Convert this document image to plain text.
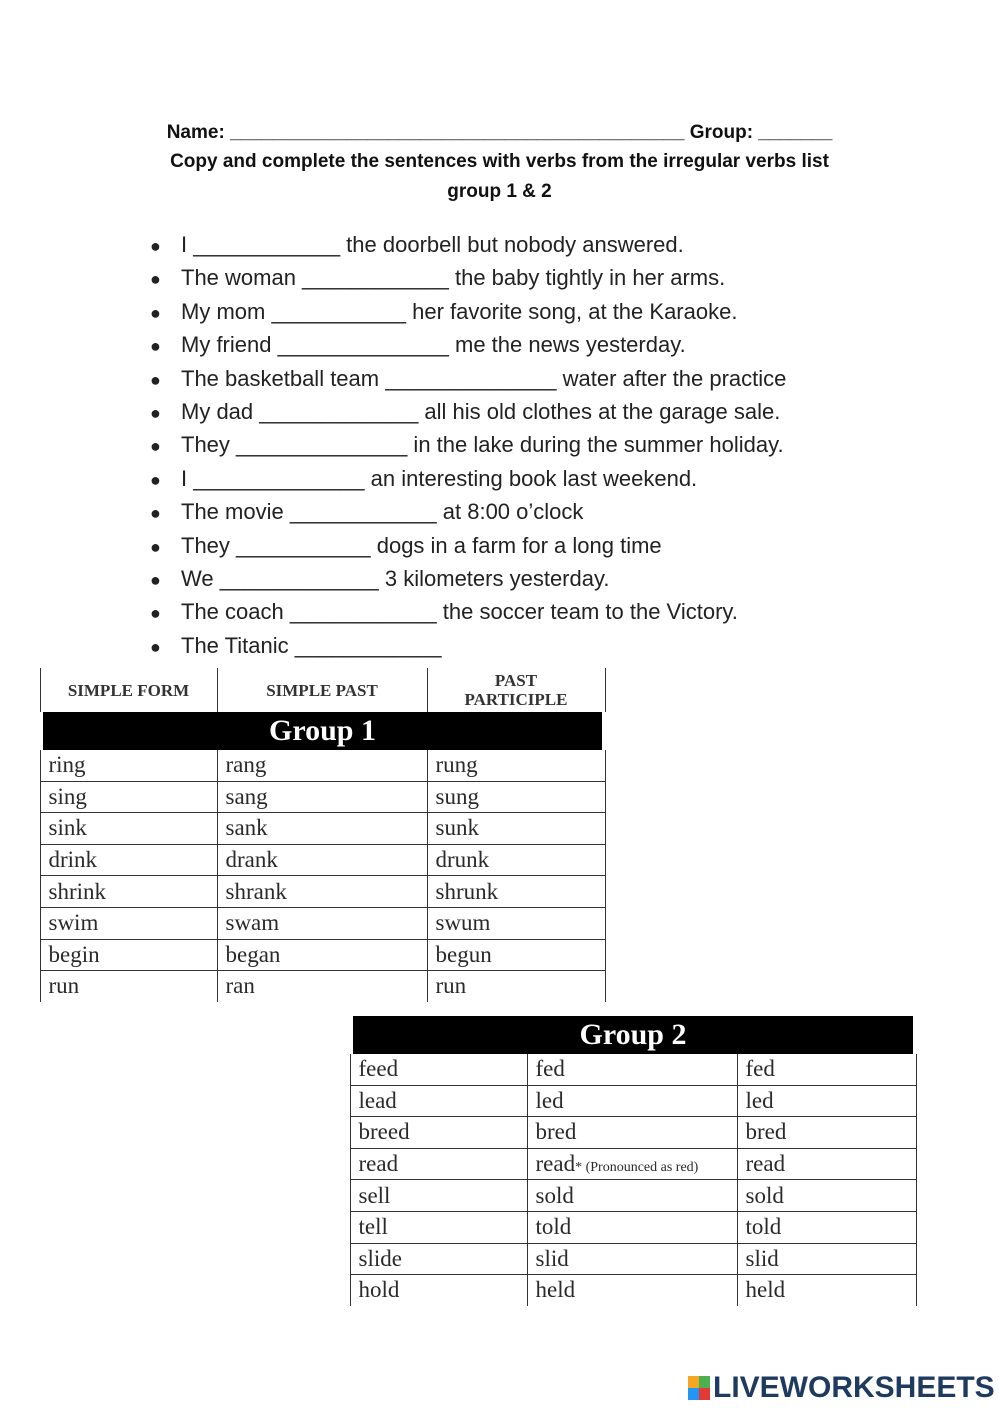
Name: ___________________________________________ Group: _______
Copy and complete the sentences with verbs from the irregular verbs list
group 1 & 2
● I ____________ the doorbell but nobody answered.
● The woman ____________ the baby tightly in her arms.
● My mom ___________ her favorite song, at the Karaoke.
● My friend ______________ me the news yesterday.
● The basketball team ______________ water after the practice
● My dad _____________ all his old clothes at the garage sale.
● They ______________ in the lake during the summer holiday.
● I ______________ an interesting book last weekend.
● The movie ____________ at 8:00 o’clock
● They ___________ dogs in a farm for a long time
● We _____________ 3 kilometers yesterday.
● The coach ____________ the soccer team to the Victory.
● The Titanic ____________
SIMPLE FORM	SIMPLE PAST	PAST
PARTICIPLE
Group 1		
ring	rang	rung
sing	sang	sung
sink	sank	sunk
drink	drank	drunk
shrink	shrank	shrunk
swim	swam	swum
begin	began	begun
run	ran	run
Group 2		
feed	fed	fed
lead	led	led
breed	bred	bred
read	read* (Pronounced as red)	read
sell	sold	sold
tell	told	told
slide	slid	slid
hold	held	held
LIVEWORKSHEETS
